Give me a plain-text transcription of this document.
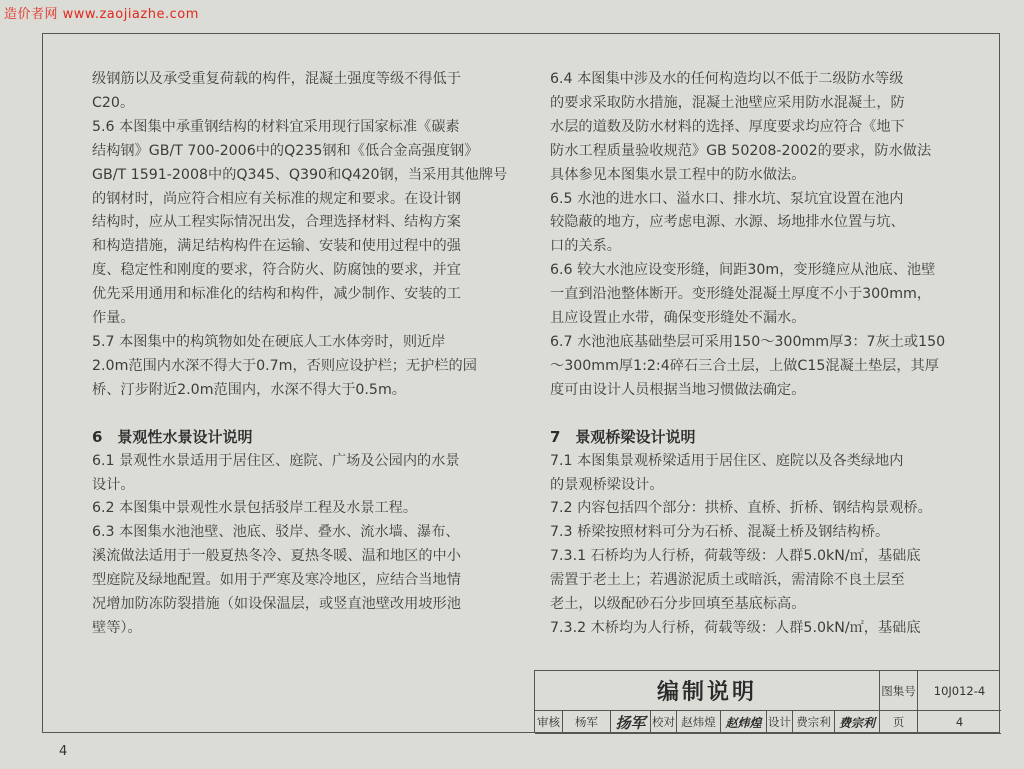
造价者网 www.zaojiazhe.com
级钢筋以及承受重复荷载的构件，混凝土强度等级不得低于
C20。
5.6 本图集中承重钢结构的材料宜采用现行国家标准《碳素
结构钢》GB/T 700-2006中的Q235钢和《低合金高强度钢》
GB/T 1591-2008中的Q345、Q390和Q420钢，当采用其他牌号
的钢材时，尚应符合相应有关标准的规定和要求。在设计钢
结构时，应从工程实际情况出发，合理选择材料、结构方案
和构造措施，满足结构构件在运输、安装和使用过程中的强
度、稳定性和刚度的要求，符合防火、防腐蚀的要求，并宜
优先采用通用和标准化的结构和构件，减少制作、安装的工
作量。
5.7 本图集中的构筑物如处在硬底人工水体旁时，则近岸
2.0m范围内水深不得大于0.7m，否则应设护栏；无护栏的园
桥、汀步附近2.0m范围内，水深不得大于0.5m。
6　景观性水景设计说明
6.1 景观性水景适用于居住区、庭院、广场及公园内的水景
设计。
6.2 本图集中景观性水景包括驳岸工程及水景工程。
6.3 本图集水池池壁、池底、驳岸、叠水、流水墙、瀑布、
溪流做法适用于一般夏热冬冷、夏热冬暖、温和地区的中小
型庭院及绿地配置。如用于严寒及寒冷地区，应结合当地情
况增加防冻防裂措施（如设保温层，或竖直池壁改用坡形池
壁等）。
6.4 本图集中涉及水的任何构造均以不低于二级防水等级
的要求采取防水措施，混凝土池壁应采用防水混凝土，防
水层的道数及防水材料的选择、厚度要求均应符合《地下
防水工程质量验收规范》GB 50208-2002的要求，防水做法
具体参见本图集水景工程中的防水做法。
6.5 水池的进水口、溢水口、排水坑、泵坑宜设置在池内
较隐蔽的地方，应考虑电源、水源、场地排水位置与坑、
口的关系。
6.6 较大水池应设变形缝，间距30m，变形缝应从池底、池壁
一直到沿池整体断开。变形缝处混凝土厚度不小于300mm，
且应设置止水带，确保变形缝处不漏水。
6.7 水池池底基础垫层可采用150～300mm厚3：7灰土或150
～300mm厚1:2:4碎石三合土层，上做C15混凝土垫层，其厚
度可由设计人员根据当地习惯做法确定。
7　景观桥梁设计说明
7.1 本图集景观桥梁适用于居住区、庭院以及各类绿地内
的景观桥梁设计。
7.2 内容包括四个部分：拱桥、直桥、折桥、钢结构景观桥。
7.3 桥梁按照材料可分为石桥、混凝土桥及钢结构桥。
7.3.1 石桥均为人行桥，荷载等级：人群5.0kN/㎡，基础底
需置于老土上；若遇淤泥质土或暗浜，需清除不良土层至
老土，以级配砂石分步回填至基底标高。
7.3.2 木桥均为人行桥，荷载等级：人群5.0kN/㎡，基础底
编制说明	图集号	10J012-4
审核	杨军	扬军 校对 赵炜煌 赵炜煌 设计 费宗利 费宗利	页	4
4
